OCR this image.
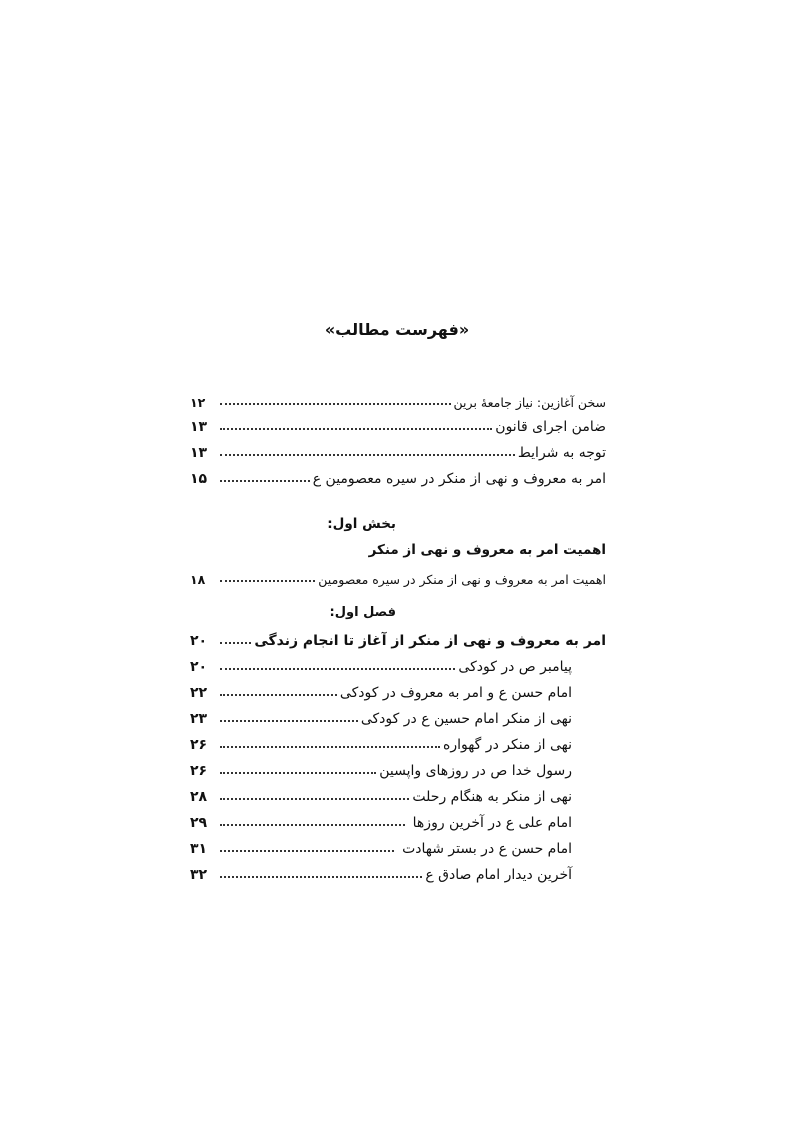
«فهرست مطالب»
سخن آغازین: نیاز جامعهٔ برین
۱۲
ضامن اجرای قانون
۱۳
توجه به شرایط
۱۳
امر به معروف و نهی از منکر در سیره معصومین ع
۱۵
بخش اول:
اهمیت امر به معروف و نهی از منکر
اهمیت امر به معروف و نهی از منکر در سیره معصومین
۱۸
فصل اول:
امر به معروف و نهی از منکر از آغاز تا انجام زندگی
۲۰
پیامبر ص در کودکی
۲۰
امام حسن ع و امر به معروف در کودکی
۲۲
نهی از منکر امام حسین ع در کودکی
۲۳
نهی از منکر در گهواره
۲۶
رسول خدا ص در روزهای واپسین
۲۶
نهی از منکر به هنگام رحلت
۲۸
امام علی ع در آخرین روزها
۲۹
امام حسن ع در بستر شهادت
۳۱
آخرین دیدار امام صادق ع
۳۲
